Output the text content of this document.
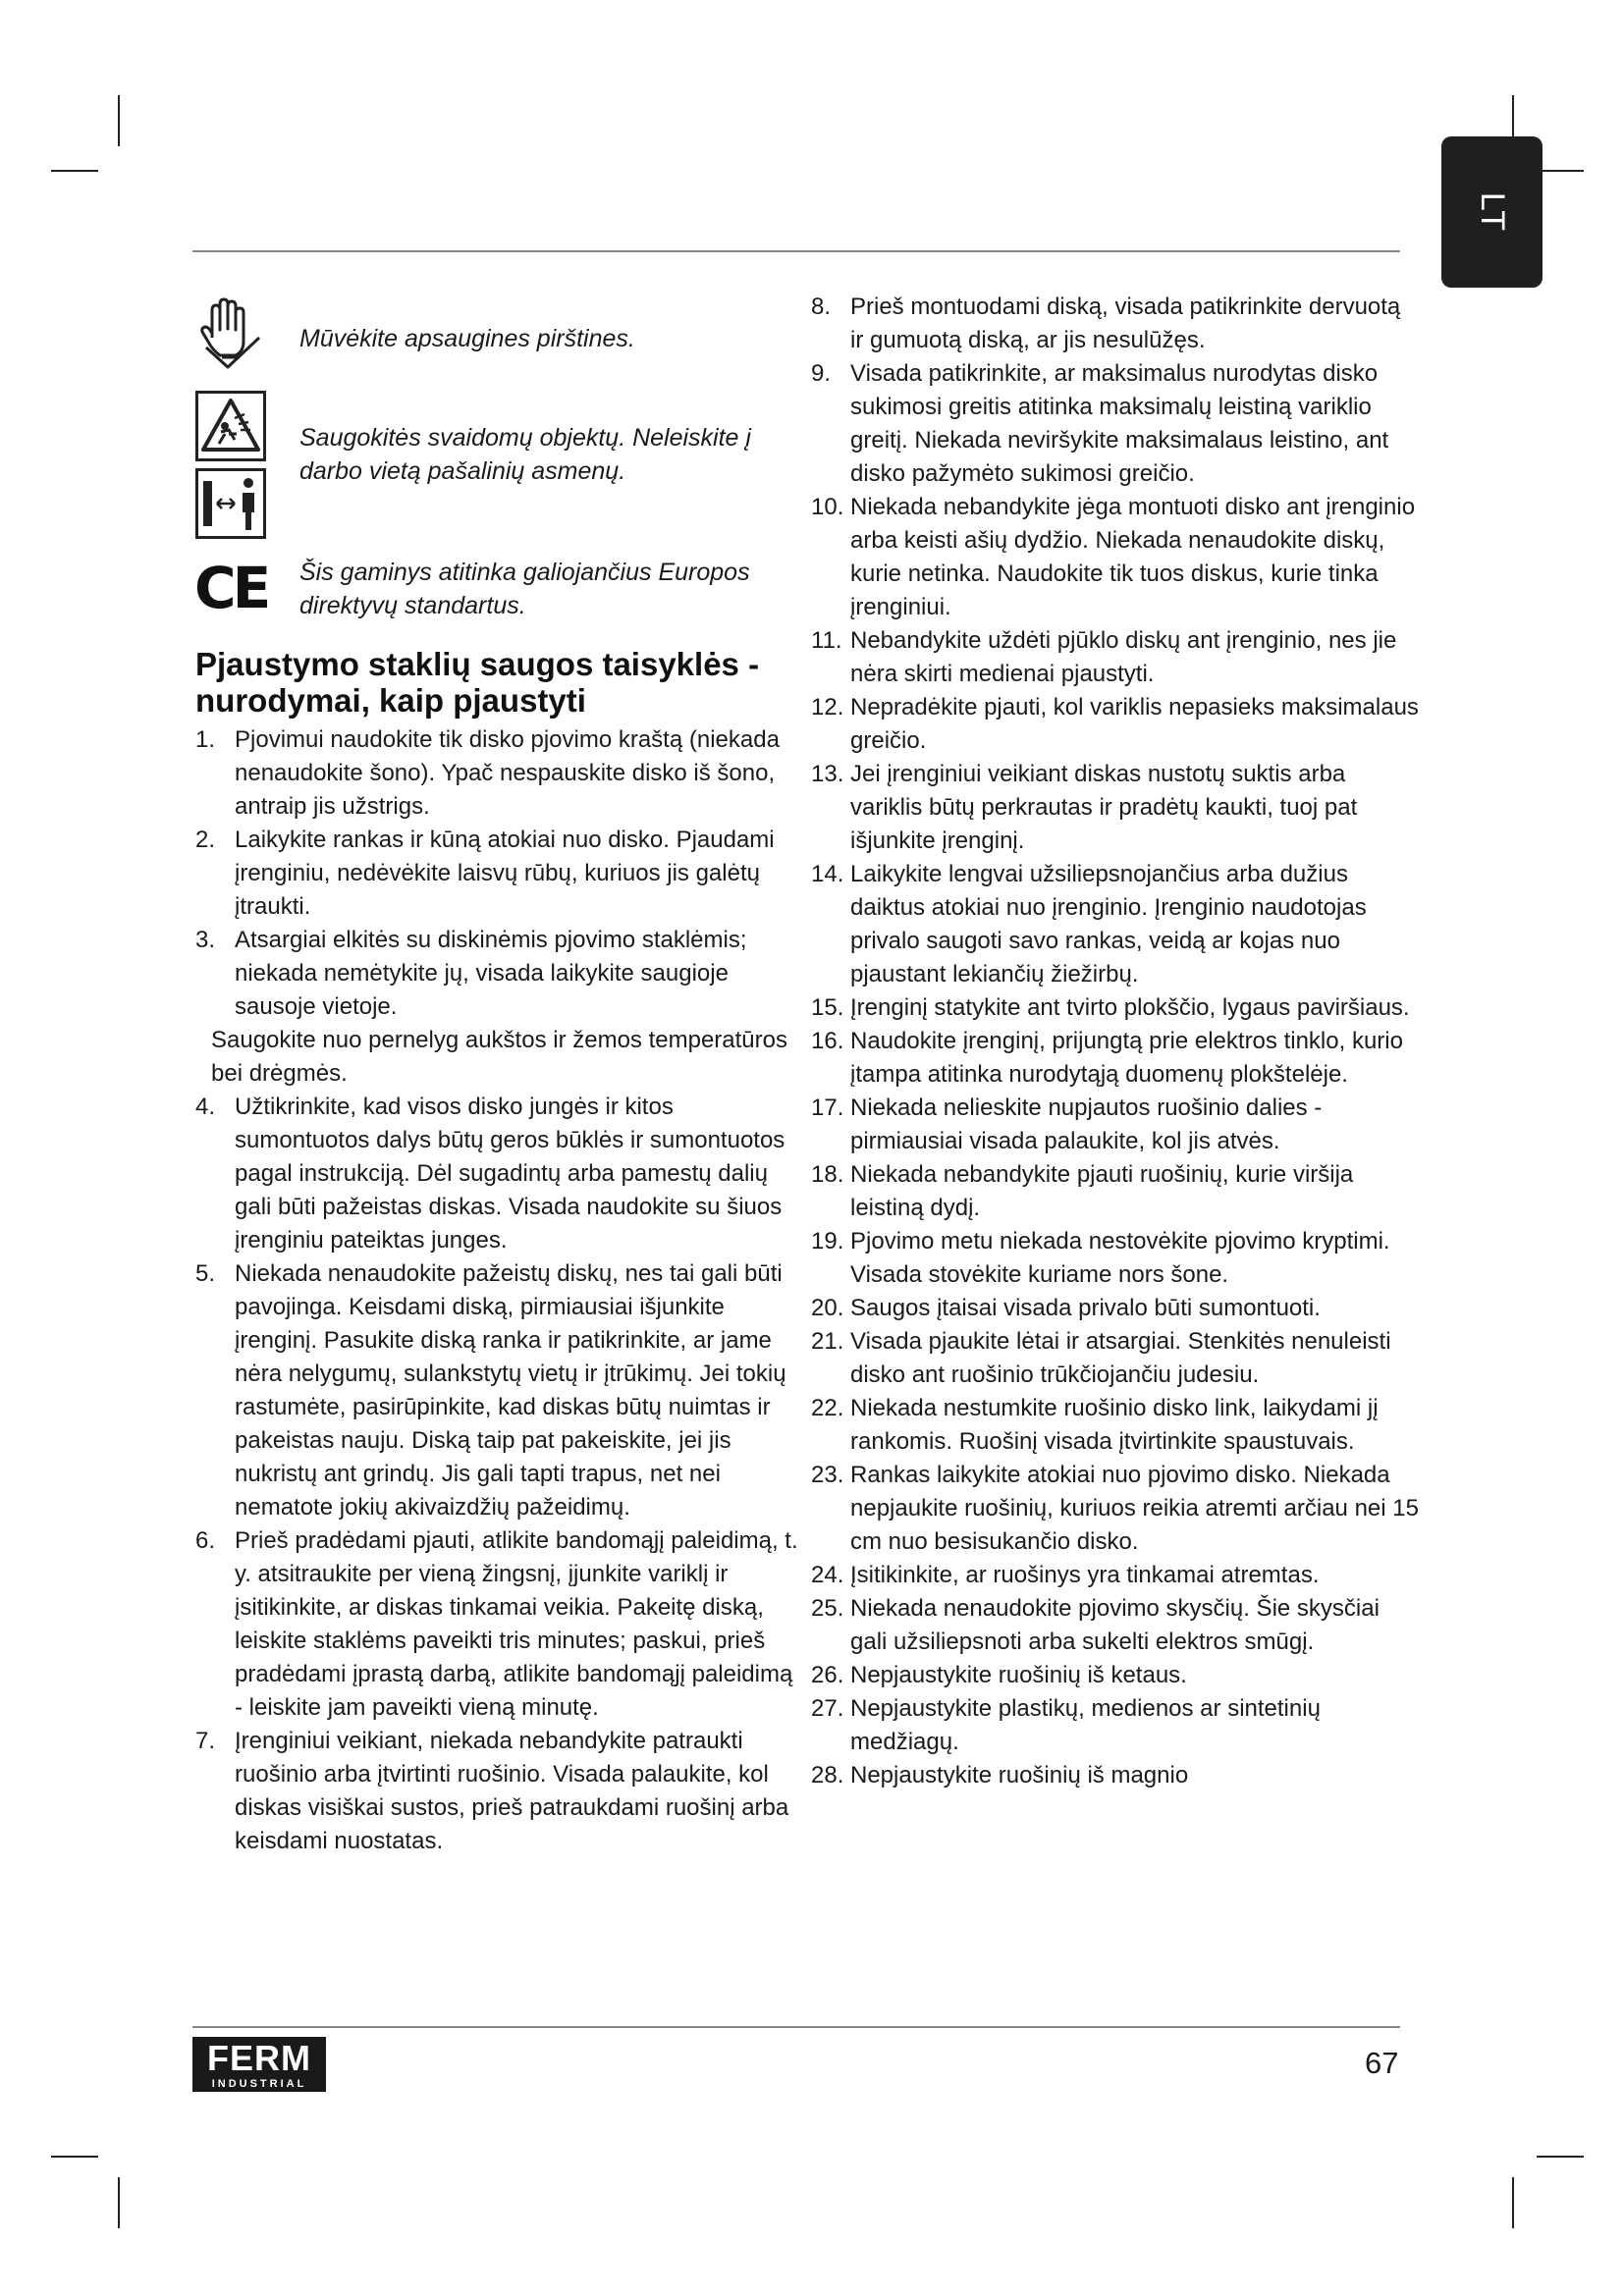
LT
Mūvėkite apsaugines pirštines.
Saugokitės svaidomų objektų. Neleiskite į darbo vietą pašalinių asmenų.
CE Šis gaminys atitinka galiojančius Europos direktyvų standartus.
Pjaustymo staklių saugos taisyklės - nurodymai, kaip pjaustyti
1. Pjovimui naudokite tik disko pjovimo kraštą (niekada nenaudokite šono). Ypač nespauskite disko iš šono, antraip jis užstrigs.
2. Laikykite rankas ir kūną atokiai nuo disko. Pjaudami įrenginiu, nedėvėkite laisvų rūbų, kuriuos jis galėtų įtraukti.
3. Atsargiai elkitės su diskinėmis pjovimo staklėmis; niekada nemėtykite jų, visada laikykite saugioje sausoje vietoje.
Saugokite nuo pernelyg aukštos ir žemos temperatūros bei drėgmės.
4. Užtikrinkite, kad visos disko jungės ir kitos sumontuotos dalys būtų geros būklės ir sumontuotos pagal instrukciją. Dėl sugadintų arba pamestų dalių gali būti pažeistas diskas. Visada naudokite su šiuos įrenginiu pateiktas junges.
5. Niekada nenaudokite pažeistų diskų, nes tai gali būti pavojinga. Keisdami diską, pirmiausiai išjunkite įrenginį. Pasukite diską ranka ir patikrinkite, ar jame nėra nelygumų, sulankstytų vietų ir įtrūkimų. Jei tokių rastumėte, pasirūpinkite, kad diskas būtų nuimtas ir pakeistas nauju. Diską taip pat pakeiskite, jei jis nukristų ant grindų. Jis gali tapti trapus, net nei nematote jokių akivaizdžių pažeidimų.
6. Prieš pradėdami pjauti, atlikite bandomąjį paleidimą, t. y. atsitraukite per vieną žingsnį, įjunkite variklį ir įsitikinkite, ar diskas tinkamai veikia. Pakeitę diską, leiskite staklėms paveikti tris minutes; paskui, prieš pradėdami įprastą darbą, atlikite bandomąjį paleidimą - leiskite jam paveikti vieną minutę.
7. Įrenginiui veikiant, niekada nebandykite patraukti ruošinio arba įtvirtinti ruošinio. Visada palaukite, kol diskas visiškai sustos, prieš patraukdami ruošinį arba keisdami nuostatas.
8. Prieš montuodami diską, visada patikrinkite dervuotą ir gumuotą diską, ar jis nesulūžęs.
9. Visada patikrinkite, ar maksimalus nurodytas disko sukimosi greitis atitinka maksimalų leistiną variklio greitį. Niekada neviršykite maksimalaus leistino, ant disko pažymėto sukimosi greičio.
10. Niekada nebandykite jėga montuoti disko ant įrenginio arba keisti ašių dydžio. Niekada nenaudokite diskų, kurie netinka. Naudokite tik tuos diskus, kurie tinka įrenginiui.
11. Nebandykite uždėti pjūklo diskų ant įrenginio, nes jie nėra skirti medienai pjaustyti.
12. Nepradėkite pjauti, kol variklis nepasieks maksimalaus greičio.
13. Jei įrenginiui veikiant diskas nustotų suktis arba variklis būtų perkrautas ir pradėtų kaukti, tuoj pat išjunkite įrenginį.
14. Laikykite lengvai užsiliepsnojančius arba dužius daiktus atokiai nuo įrenginio. Įrenginio naudotojas privalo saugoti savo rankas, veidą ar kojas nuo pjaustant lekiančių žiežirbų.
15. Įrenginį statykite ant tvirto plokščio, lygaus paviršiaus.
16. Naudokite įrenginį, prijungtą prie elektros tinklo, kurio įtampa atitinka nurodytąją duomenų plokštelėje.
17. Niekada nelieskite nupjautos ruošinio dalies - pirmiausiai visada palaukite, kol jis atvės.
18. Niekada nebandykite pjauti ruošinių, kurie viršija leistiną dydį.
19. Pjovimo metu niekada nestovėkite pjovimo kryptimi. Visada stovėkite kuriame nors šone.
20. Saugos įtaisai visada privalo būti sumontuoti.
21. Visada pjaukite lėtai ir atsargiai. Stenkitės nenuleisti disko ant ruošinio trūkčiojančiu judesiu.
22. Niekada nestumkite ruošinio disko link, laikydami jį rankomis. Ruošinį visada įtvirtinkite spaustuvais.
23. Rankas laikykite atokiai nuo pjovimo disko. Niekada nepjaukite ruošinių, kuriuos reikia atremti arčiau nei 15 cm nuo besisukančio disko.
24. Įsitikinkite, ar ruošinys yra tinkamai atremtas.
25. Niekada nenaudokite pjovimo skysčių. Šie skysčiai gali užsiliepsnoti arba sukelti elektros smūgį.
26. Nepjaustykite ruošinių iš ketaus.
27. Nepjaustykite plastikų, medienos ar sintetinių medžiagų.
28. Nepjaustykite ruošinių iš magnio
FERM
INDUSTRIAL
67
